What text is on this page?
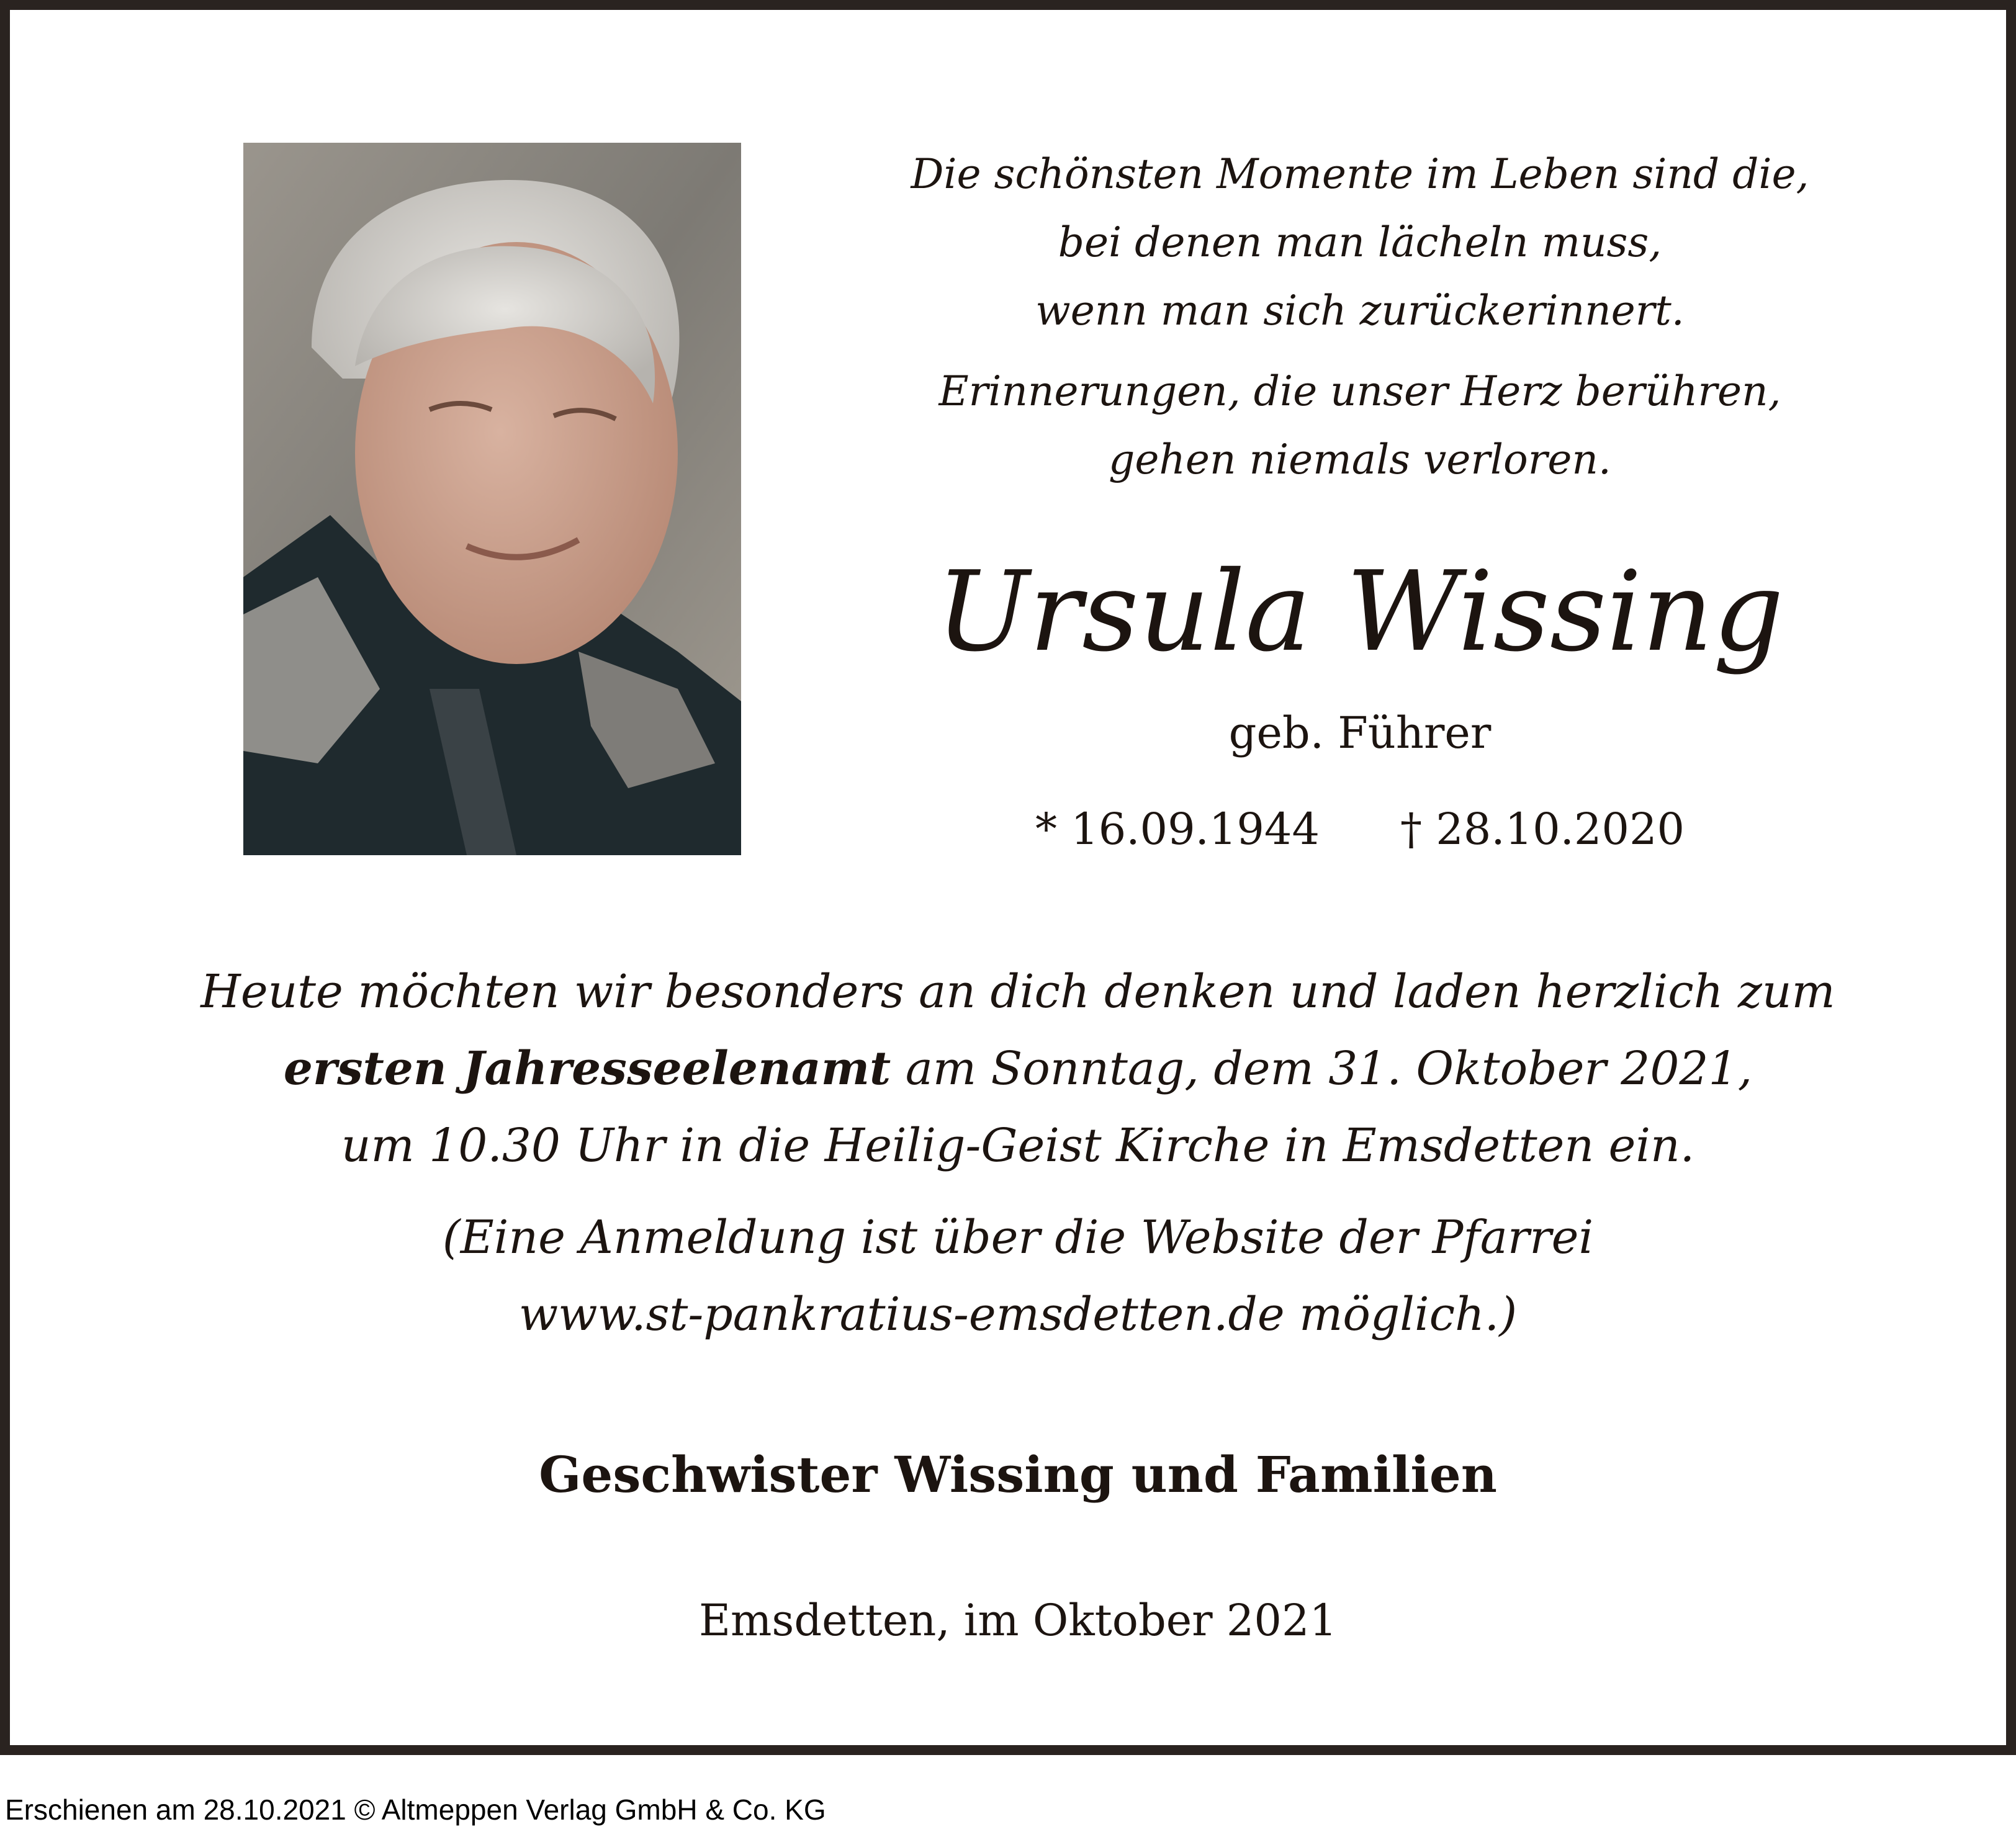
Die schönsten Momente im Leben sind die,
bei denen man lächeln muss,
wenn man sich zurückerinnert.

Erinnerungen, die unser Herz berühren,
gehen niemals verloren.

Ursula Wissing
geb. Führer
* 16.09.1944 † 28.10.2020

Heute möchten wir besonders an dich denken und laden herzlich zum

ersten Jahresseelenamt am Sonntag, dem 31. Oktober 2021,

um 10.30 Uhr in die Heilig-Geist Kirche in Emsdetten ein.

(Eine Anmeldung ist über die Website der Pfarrei
www.st-pankratius-emsdetten.de möglich.)

Geschwister Wissing und Familien
Emsdetten, im Oktober 2021
Erschienen am 28.10.2021 © Altmeppen Verlag GmbH & Co. KG
